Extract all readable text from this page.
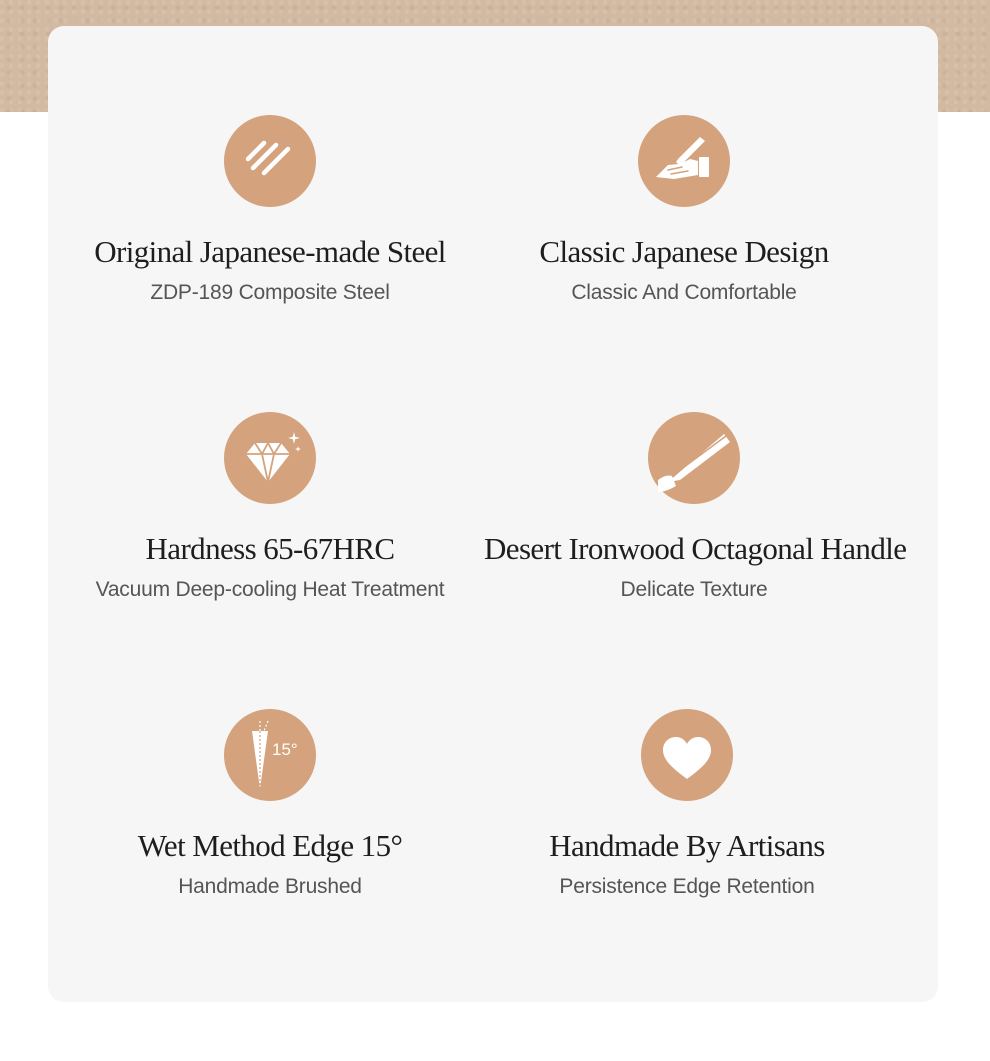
Original Japanese-made Steel
ZDP-189 Composite Steel
Classic Japanese Design
Classic And Comfortable
Hardness 65-67HRC
Vacuum Deep-cooling Heat Treatment
Desert Ironwood Octagonal Handle
Delicate Texture
15°
Wet Method Edge 15°
Handmade Brushed
Handmade By Artisans
Persistence Edge Retention
